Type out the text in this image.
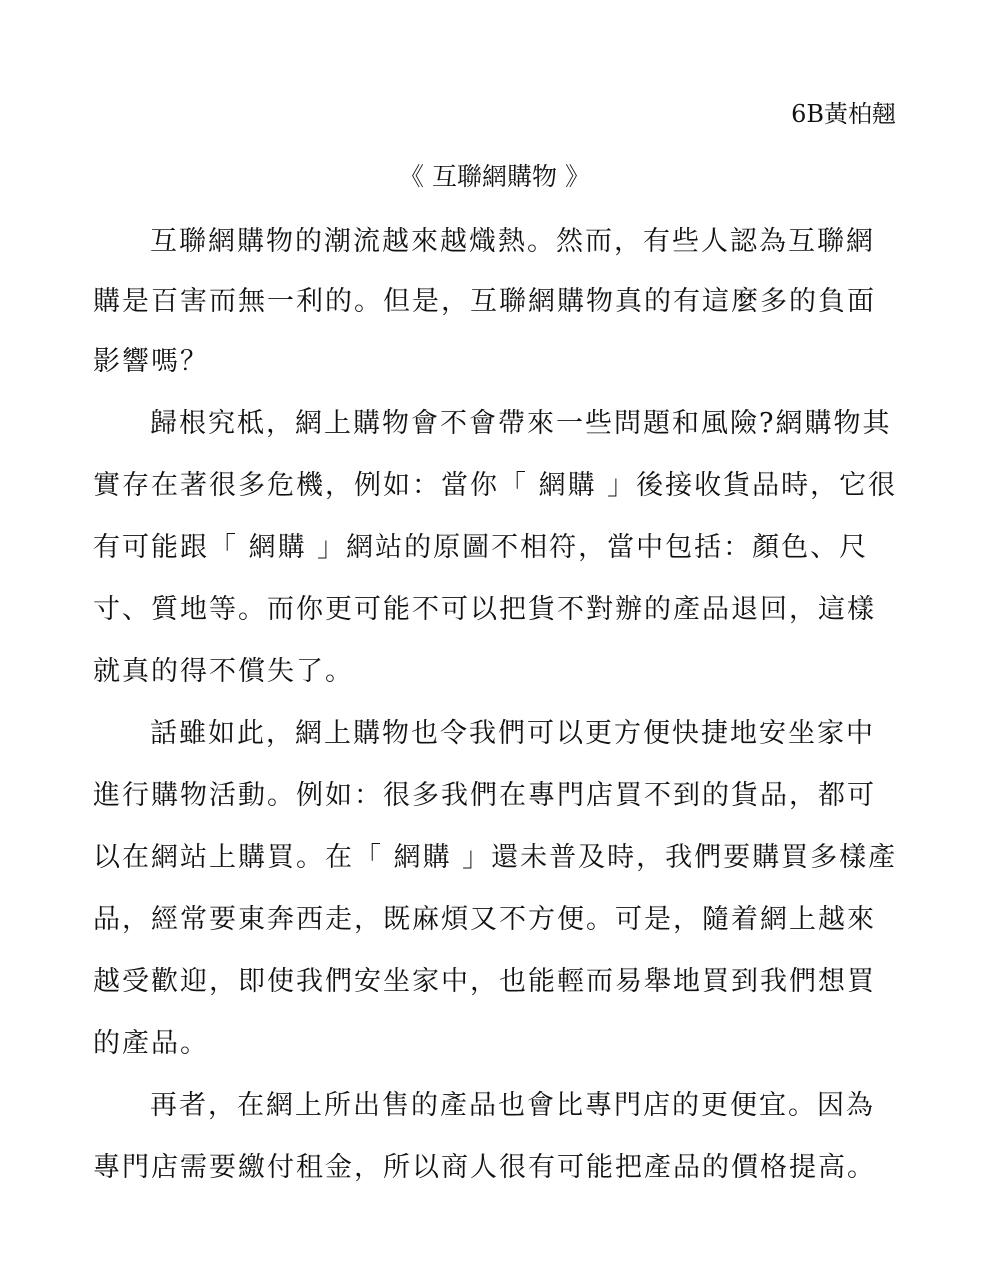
6B黃柏翹
《 互聯網購物 》
互聯網購物的潮流越來越熾熱。然而，有些人認為互聯網
購是百害而無一利的。但是，互聯網購物真的有這麼多的負面
影響嗎？
歸根究柢，網上購物會不會帶來一些問題和風險?網購物其
實存在著很多危機，例如：當你「 網購 」後接收貨品時，它很
有可能跟「 網購 」網站的原圖不相符，當中包括：顏色、尺
寸、質地等。而你更可能不可以把貨不對辦的產品退回，這樣
就真的得不償失了。
話雖如此，網上購物也令我們可以更方便快捷地安坐家中
進行購物活動。例如：很多我們在專門店買不到的貨品，都可
以在網站上購買。在「 網購 」還未普及時，我們要購買多樣產
品，經常要東奔西走，既麻煩又不方便。可是，隨着網上越來
越受歡迎，即使我們安坐家中，也能輕而易舉地買到我們想買
的產品。
再者，在網上所出售的產品也會比專門店的更便宜。因為
專門店需要繳付租金，所以商人很有可能把產品的價格提高。
